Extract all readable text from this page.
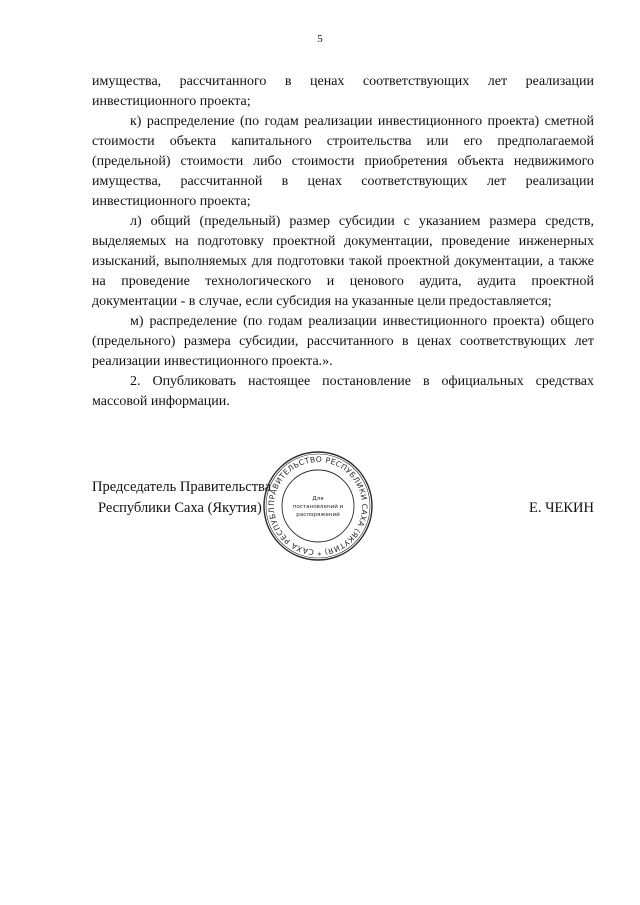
5

имущества, рассчитанного в ценах соответствующих лет реализации инвестиционного проекта;

к) распределение (по годам реализации инвестиционного проекта) сметной стоимости объекта капитального строительства или его предполагаемой (предельной) стоимости либо стоимости приобретения объекта недвижимого имущества, рассчитанной в ценах соответствующих лет реализации инвестиционного проекта;

л) общий (предельный) размер субсидии с указанием размера средств, выделяемых на подготовку проектной документации, проведение инженерных изысканий, выполняемых для подготовки такой проектной документации, а также на проведение технологического и ценового аудита, аудита проектной документации - в случае, если субсидия на указанные цели предоставляется;

м) распределение (по годам реализации инвестиционного проекта) общего (предельного) размера субсидии, рассчитанного в ценах соответствующих лет реализации инвестиционного проекта.».

2. Опубликовать настоящее постановление в официальных средствах массовой информации.

Председатель Правительства
Республики Саха (Якутия) ПРАВИТЕЛЬСТВО РЕСПУБЛИКИ САХА (ЯКУТИЯ) * САХА РЕСПУБЛ
Для
постановлений и
распоряжений	Е. ЧЕКИН
